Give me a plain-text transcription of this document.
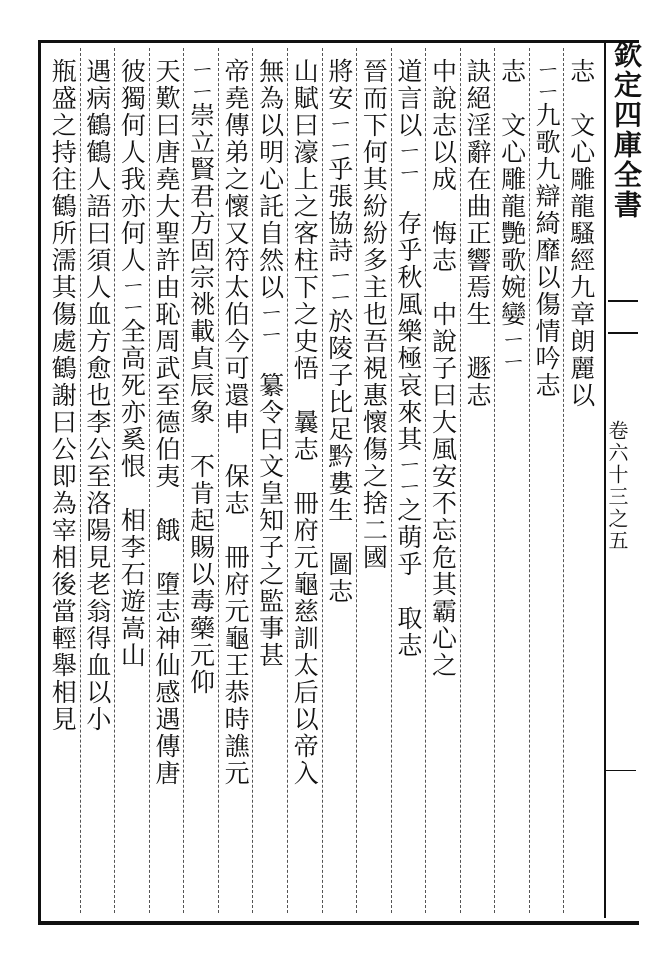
欽定四庫全書
卷六十三之五
志　文心雕龍騷經九章朗麗以
ㄧㄧ九歌九辯綺靡以傷情吟志
志　文心雕龍艷歌婉孌ㄧㄧ　
訣絕淫辭在曲正響焉生　遯志
中說志以成　悔志　中說子曰大風安不忘危其霸心之
道言以ㄧㄧ　存乎秋風樂極哀來其ㄧㄧ之萌乎　取志
晉而下何其紛紛多主也吾視惠懷傷之捨二國
將安ㄧㄧ乎張協詩ㄧㄧ於陵子比足黔婁生　圖志
山賦曰濠上之客柱下之史悟　曩志　冊府元龜慈訓太后以帝入
無為以明心託自然以ㄧㄧ　纂令曰文皇知子之監事甚
帝堯傳弟之懷又符太伯今可還申　保志　冊府元龜王恭時譙元
ㄧㄧ崇立賢君方固宗祧載貞辰象　不肯起賜以毒藥元仰
天歎曰唐堯大聖許由恥周武至德伯夷　餓　墮志神仙感遇傳唐
彼獨何人我亦何人ㄧㄧ全高死亦奚恨　相李石遊嵩山
遇病鶴鶴人語曰須人血方愈也李公至洛陽見老翁得血以小
瓶盛之持往鶴所濡其傷處鶴謝曰公即為宰相後當輕舉相見
